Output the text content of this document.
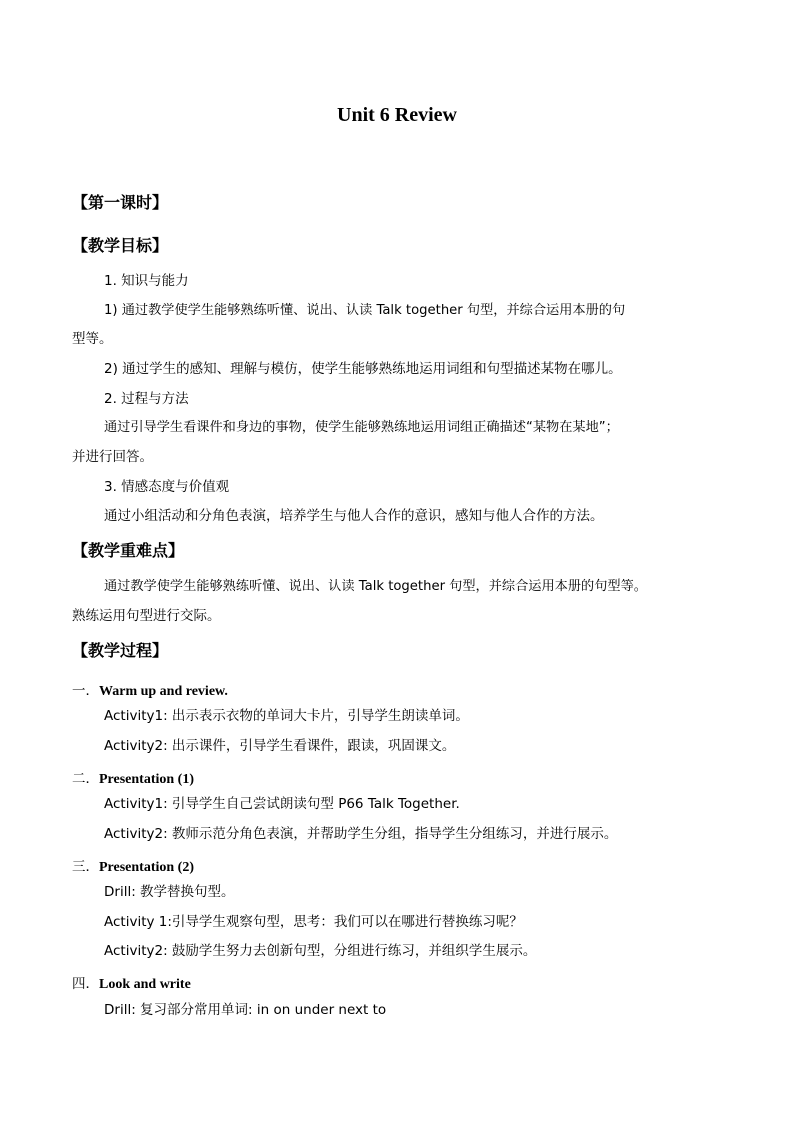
Unit 6 Review
【第一课时】
【教学目标】
1. 知识与能力
1) 通过教学使学生能够熟练听懂、说出、认读 Talk together 句型，并综合运用本册的句
型等。
2) 通过学生的感知、理解与模仿，使学生能够熟练地运用词组和句型描述某物在哪儿。
2. 过程与方法
通过引导学生看课件和身边的事物，使学生能够熟练地运用词组正确描述“某物在某地”；
并进行回答。
3. 情感态度与价值观
通过小组活动和分角色表演，培养学生与他人合作的意识，感知与他人合作的方法。
【教学重难点】
通过教学使学生能够熟练听懂、说出、认读 Talk together 句型，并综合运用本册的句型等。
熟练运用句型进行交际。
【教学过程】
一．Warm up and review.
Activity1: 出示表示衣物的单词大卡片，引导学生朗读单词。
Activity2: 出示课件，引导学生看课件，跟读，巩固课文。
二．Presentation (1)
Activity1: 引导学生自己尝试朗读句型 P66 Talk Together.
Activity2: 教师示范分角色表演，并帮助学生分组，指导学生分组练习，并进行展示。
三．Presentation (2)
Drill: 教学替换句型。
Activity 1:引导学生观察句型，思考：我们可以在哪进行替换练习呢？
Activity2: 鼓励学生努力去创新句型，分组进行练习，并组织学生展示。
四．Look and write
Drill: 复习部分常用单词: in on under next to
